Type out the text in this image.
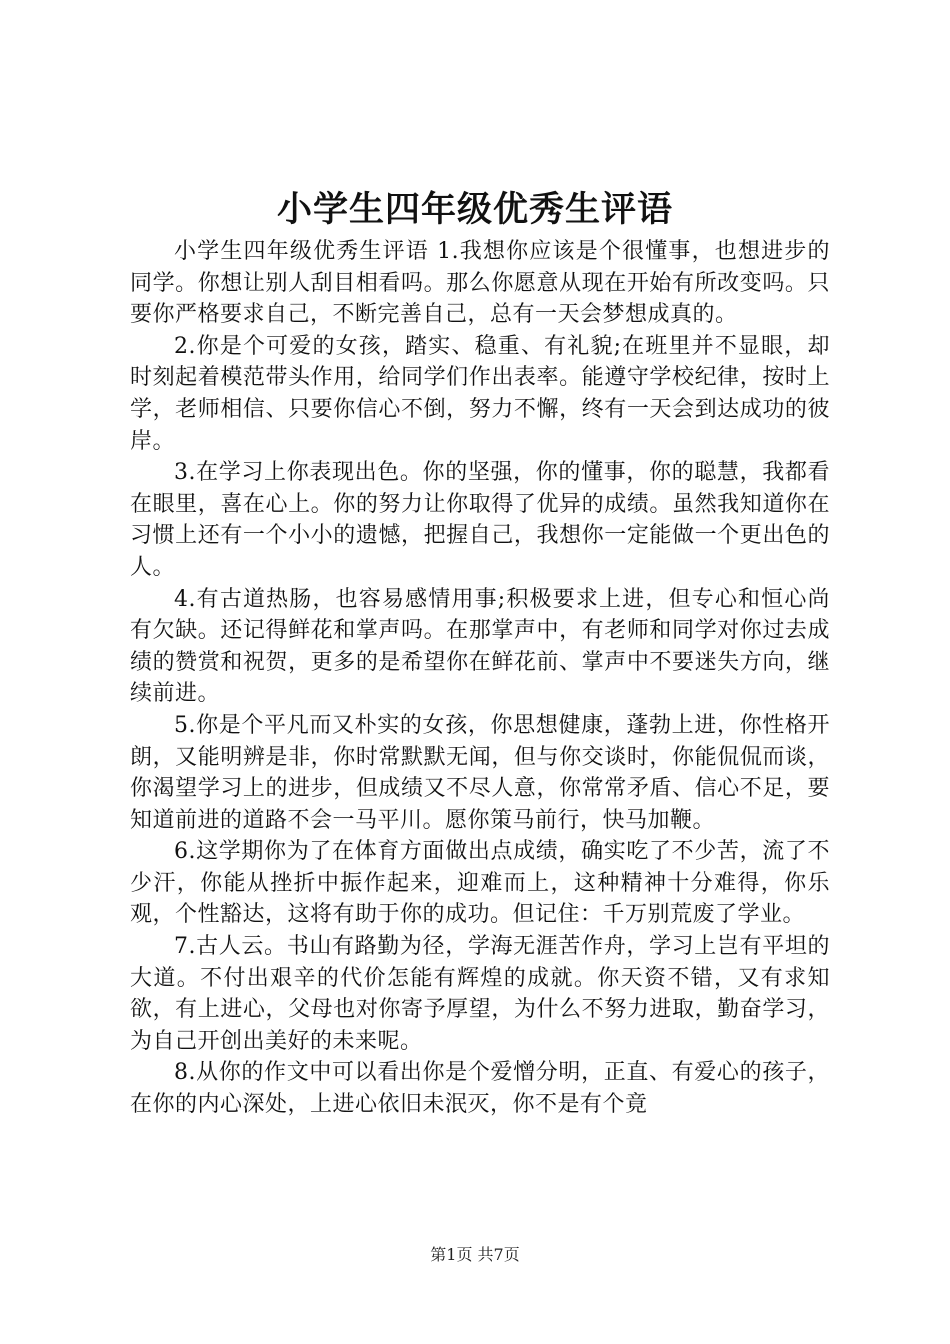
小学生四年级优秀生评语

小学生四年级优秀生评语 1.我想你应该是个很懂事，也想进步的同学。你想让别人刮目相看吗。那么你愿意从现在开始有所改变吗。只要你严格要求自己，不断完善自己，总有一天会梦想成真的。

2.你是个可爱的女孩，踏实、稳重、有礼貌;在班里并不显眼，却时刻起着模范带头作用，给同学们作出表率。能遵守学校纪律，按时上学，老师相信、只要你信心不倒，努力不懈，终有一天会到达成功的彼岸。

3.在学习上你表现出色。你的坚强，你的懂事，你的聪慧，我都看在眼里，喜在心上。你的努力让你取得了优异的成绩。虽然我知道你在习惯上还有一个小小的遗憾，把握自己，我想你一定能做一个更出色的人。

4.有古道热肠，也容易感情用事;积极要求上进，但专心和恒心尚有欠缺。还记得鲜花和掌声吗。在那掌声中，有老师和同学对你过去成绩的赞赏和祝贺，更多的是希望你在鲜花前、掌声中不要迷失方向，继续前进。

5.你是个平凡而又朴实的女孩，你思想健康，蓬勃上进，你性格开朗，又能明辨是非，你时常默默无闻，但与你交谈时，你能侃侃而谈，你渴望学习上的进步，但成绩又不尽人意，你常常矛盾、信心不足，要知道前进的道路不会一马平川。愿你策马前行，快马加鞭。

6.这学期你为了在体育方面做出点成绩，确实吃了不少苦，流了不少汗，你能从挫折中振作起来，迎难而上，这种精神十分难得，你乐观，个性豁达，这将有助于你的成功。但记住：千万别荒废了学业。

7.古人云。书山有路勤为径，学海无涯苦作舟，学习上岂有平坦的大道。不付出艰辛的代价怎能有辉煌的成就。你天资不错，又有求知欲，有上进心，父母也对你寄予厚望，为什么不努力进取，勤奋学习，为自己开创出美好的未来呢。

8.从你的作文中可以看出你是个爱憎分明，正直、有爱心的孩子，在你的内心深处，上进心依旧未泯灭，你不是有个竟

第1页 共7页
